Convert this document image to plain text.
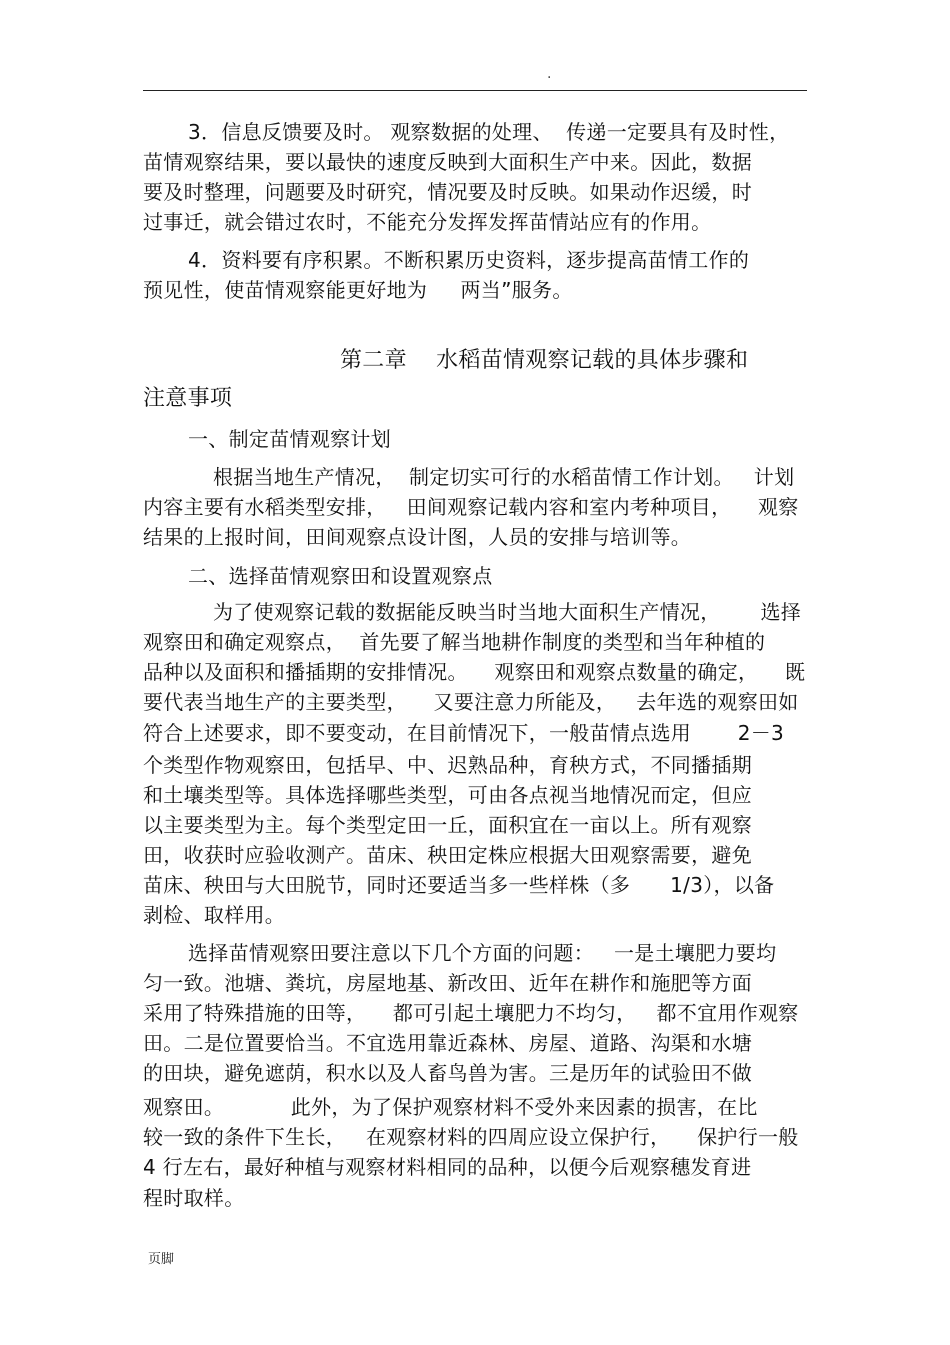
.
3．信息反馈要及时。 观察数据的处理、  传递一定要具有及时性，
苗情观察结果，要以最快的速度反映到大面积生产中来。因此，数据
要及时整理，问题要及时研究，情况要及时反映。如果动作迟缓，时
过事迁，就会错过农时，不能充分发挥发挥苗情站应有的作用。
4．资料要有序积累。不断积累历史资料，逐步提高苗情工作的
预见性，使苗情观察能更好地为     两当”服务。
第二章    水稻苗情观察记载的具体步骤和
注意事项
一、制定苗情观察计划
根据当地生产情况，  制定切实可行的水稻苗情工作计划。   计划
内容主要有水稻类型安排，   田间观察记载内容和室内考种项目，    观察
结果的上报时间，田间观察点设计图，人员的安排与培训等。
二、选择苗情观察田和设置观察点
为了使观察记载的数据能反映当时当地大面积生产情况，      选择
观察田和确定观察点，  首先要了解当地耕作制度的类型和当年种植的
品种以及面积和播插期的安排情况。    观察田和观察点数量的确定，    既
要代表当地生产的主要类型，    又要注意力所能及，   去年选的观察田如
符合上述要求，即不要变动，在目前情况下，一般苗情点选用       2－3
个类型作物观察田，包括早、中、迟熟品种，育秧方式，不同播插期
和土壤类型等。具体选择哪些类型，可由各点视当地情况而定，但应
以主要类型为主。每个类型定田一丘，面积宜在一亩以上。所有观察
田，收获时应验收测产。苗床、秧田定株应根据大田观察需要，避免
苗床、秧田与大田脱节，同时还要适当多一些样株（多      1/3），以备
剥检、取样用。
选择苗情观察田要注意以下几个方面的问题：   一是土壤肥力要均
匀一致。池塘、粪坑，房屋地基、新改田、近年在耕作和施肥等方面
采用了特殊措施的田等，    都可引起土壤肥力不均匀，   都不宜用作观察
田。二是位置要恰当。不宜选用靠近森林、房屋、道路、沟渠和水塘
的田块，避免遮荫，积水以及人畜鸟兽为害。三是历年的试验田不做
观察田。          此外，为了保护观察材料不受外来因素的损害，在比
较一致的条件下生长，   在观察材料的四周应设立保护行，    保护行一般
4 行左右，最好种植与观察材料相同的品种，以便今后观察穗发育进
程时取样。
页脚
